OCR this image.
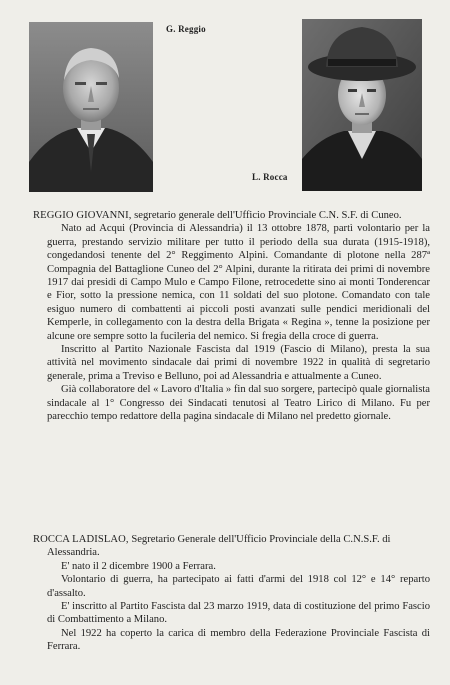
G. Reggio
L. Rocca

REGGIO GIOVANNI, segretario generale dell'Ufficio Provinciale C.N. S.F. di Cuneo.

Nato ad Acqui (Provincia di Alessandria) il 13 ottobre 1878, partì volontario per la guerra, prestando servizio militare per tutto il periodo della sua durata (1915-1918), congedandosi tenente del 2° Reggimento Alpini. Comandante di plotone nella 287ª Compagnia del Battaglione Cuneo del 2° Alpini, durante la ritirata dei primi di novembre 1917 dai presidi di Campo Mulo e Campo Filone, retrocedette sino ai monti Tonderencar e Fior, sotto la pressione nemica, con 11 soldati del suo plotone. Comandato con tale esiguo numero di combattenti ai piccoli posti avanzati sulle pendici meridionali del Kemperle, in collegamento con la destra della Brigata « Regina », tenne la posizione per alcune ore sempre sotto la fucileria del nemico. Si fregia della croce di guerra.

Inscritto al Partito Nazionale Fascista dal 1919 (Fascio di Milano), presta la sua attività nel movimento sindacale dai primi di novembre 1922 in qualità di segretario generale, prima a Treviso e Belluno, poi ad Alessandria e attualmente a Cuneo.

Già collaboratore del « Lavoro d'Italia » fin dal suo sorgere, partecipò quale giornalista sindacale al 1° Congresso dei Sindacati tenutosi al Teatro Lirico di Milano. Fu per parecchio tempo redattore della pagina sindacale di Milano nel predetto giornale.

ROCCA LADISLAO, Segretario Generale dell'Ufficio Provinciale della C.N.S.F. di Alessandria.

E' nato il 2 dicembre 1900 a Ferrara.

Volontario di guerra, ha partecipato ai fatti d'armi del 1918 col 12° e 14° reparto d'assalto.

E' inscritto al Partito Fascista dal 23 marzo 1919, data di costituzione del primo Fascio di Combattimento a Milano.

Nel 1922 ha coperto la carica di membro della Federazione Provinciale Fascista di Ferrara.
